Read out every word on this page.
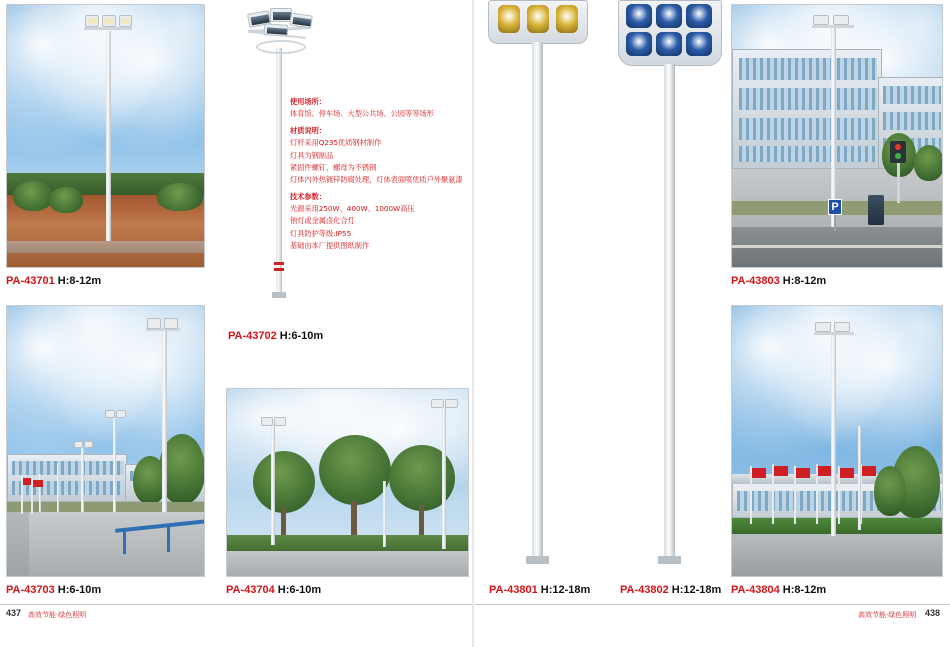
PA-43701 H:8-12m
PA-43703 H:6-10m

使用场所：

体育馆、停车场、大型公共场、公园等等场形

材质说明：

灯杆采用Q235优质钢材制作

灯具为钢制品

紧固件螺钉、螺母为不锈钢

灯体内外热镀锌防腐处理，灯体表面喷优质户外聚氨漆

技术参数：

光源采用250W、400W、1000W高压

钠灯或金属卤化合灯

灯具防护等级:IP55

基础由本厂提供图纸制作

PA-43702 H:6-10m
PA-43704 H:6-10m	PA-43801 H:12-18m	PA-43802 H:12-18m
P
PA-43803 H:8-12m
PA-43804 H:8-12m
437 高效节能·绿色照明	高效节能·绿色照明 438
